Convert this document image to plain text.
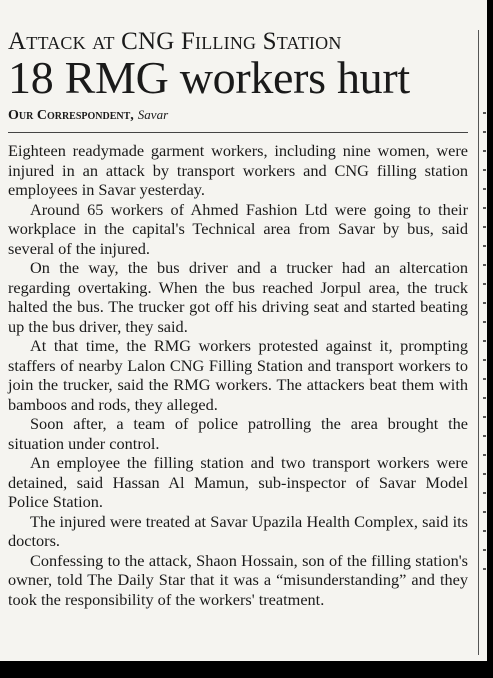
Attack at CNG Filling Station
18 RMG workers hurt
Our Correspondent, Savar

Eighteen readymade garment workers, including nine women, were injured in an attack by transport workers and CNG filling station employees in Savar yesterday.

Around 65 workers of Ahmed Fashion Ltd were going to their workplace in the capital's Technical area from Savar by bus, said several of the injured.

On the way, the bus driver and a trucker had an altercation regarding overtaking. When the bus reached Jorpul area, the truck halted the bus. The trucker got off his driving seat and started beating up the bus driver, they said.

At that time, the RMG workers protested against it, prompting staffers of nearby Lalon CNG Filling Station and transport workers to join the trucker, said the RMG workers. The attackers beat them with bamboos and rods, they alleged.

Soon after, a team of police patrolling the area brought the situation under control.

An employee the filling station and two transport workers were detained, said Hassan Al Mamun, sub-inspector of Savar Model Police Station.

The injured were treated at Savar Upazila Health Complex, said its doctors.

Confessing to the attack, Shaon Hossain, son of the filling station's owner, told The Daily Star that it was a “misunderstanding” and they took the responsibility of the workers' treatment.
